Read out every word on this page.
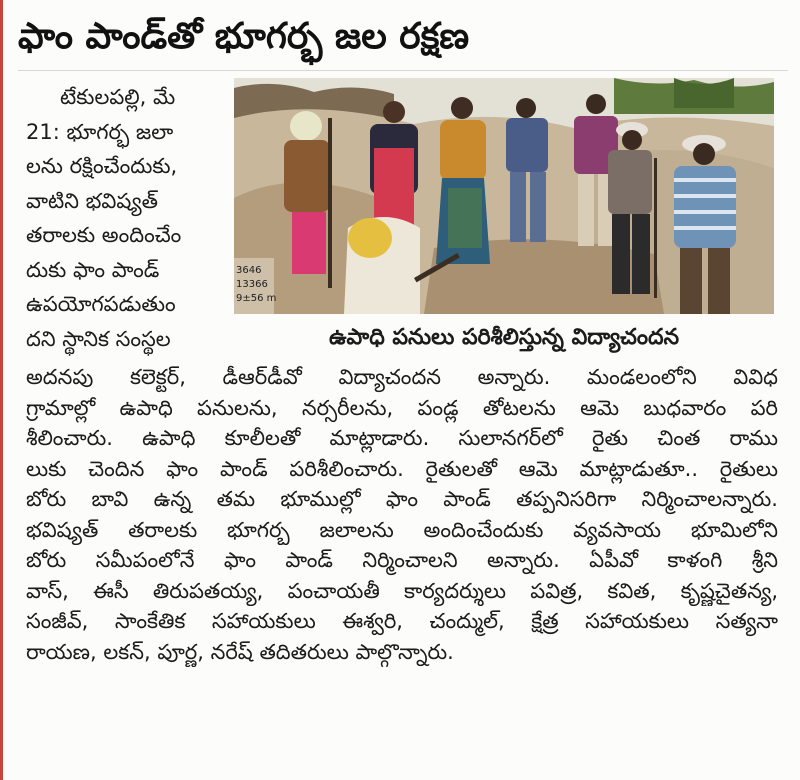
ఫాం పాండ్‌తో భూగర్భ జల రక్షణ
టేకులపల్లి, మే
21: భూగర్భ జలా
లను రక్షించేందుకు,
వాటిని భవిష్యత్
తరాలకు అందించేం
దుకు ఫాం పాండ్
ఉపయోగపడుతుం
దని స్థానిక సంస్థల
3646
13366
9±56 m
ఉపాధి పనులు పరిశీలిస్తున్న విద్యాచందన
అదనపు కలెక్టర్, డీఆర్‌డీవో విద్యాచందన అన్నారు. మండలంలోని వివిధ
గ్రామాల్లో ఉపాధి పనులను, నర్సరీలను, పండ్ల తోటలను ఆమె బుధవారం పరి
శీలించారు. ఉపాధి కూలీలతో మాట్లాడారు. సులానగర్‌లో రైతు చింత రాము
లుకు చెందిన ఫాం పాండ్ పరిశీలించారు. రైతులతో ఆమె మాట్లాడుతూ.. రైతులు
బోరు బావి ఉన్న తమ భూముల్లో ఫాం పాండ్ తప్పనిసరిగా నిర్మించాలన్నారు.
భవిష్యత్ తరాలకు భూగర్భ జలాలను అందించేందుకు వ్యవసాయ భూమిలోని
బోరు సమీపంలోనే ఫాం పాండ్ నిర్మించాలని అన్నారు. ఏపీవో కాళంగి శ్రీని
వాస్, ఈసీ తిరుపతయ్య, పంచాయతీ కార్యదర్శులు పవిత్ర, కవిత, కృష్ణచైతన్య,
సంజీవ్, సాంకేతిక సహాయకులు ఈశ్వరి, చంద్ముల్, క్షేత్ర సహాయకులు సత్యనా
రాయణ, లకన్, పూర్ణ, నరేష్ తదితరులు పాల్గొన్నారు.
